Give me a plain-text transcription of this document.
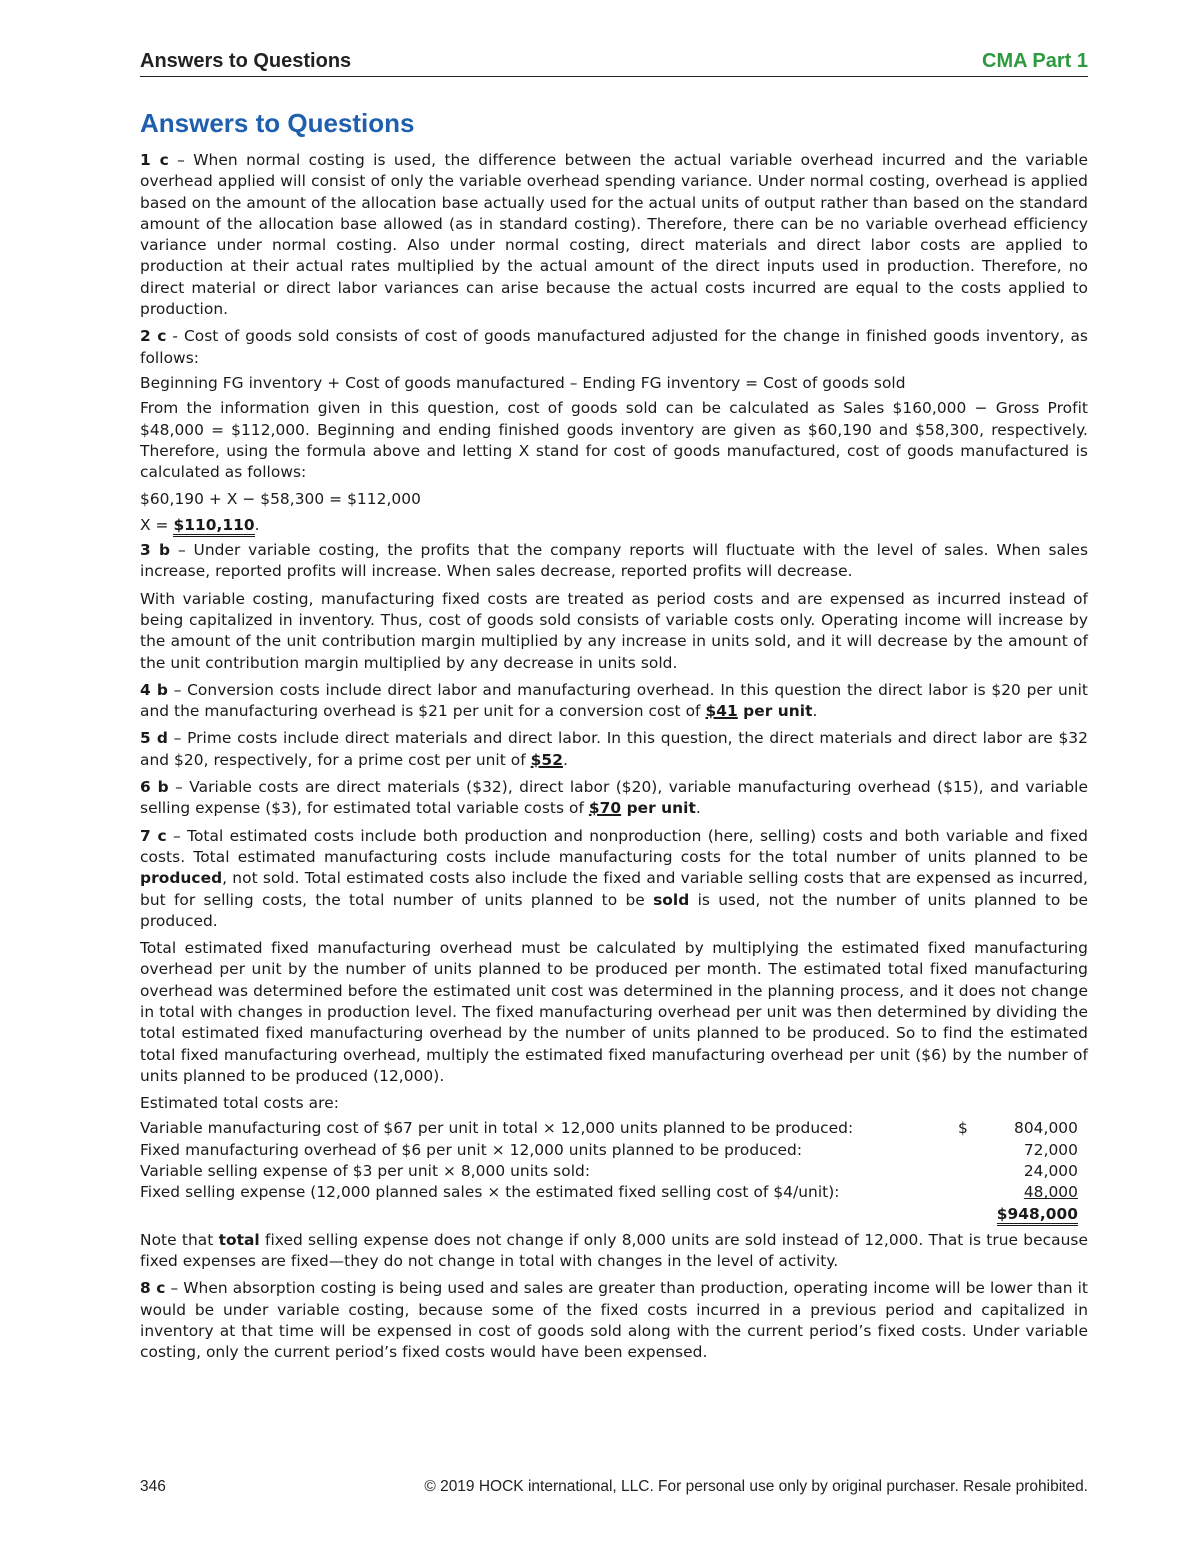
Answers to Questions	CMA Part 1
Answers to Questions

1 c – When normal costing is used, the difference between the actual variable overhead incurred and the variable overhead applied will consist of only the variable overhead spending variance. Under normal costing, overhead is applied based on the amount of the allocation base actually used for the actual units of output rather than based on the standard amount of the allocation base allowed (as in standard costing). Therefore, there can be no variable overhead efficiency variance under normal costing. Also under normal costing, direct materials and direct labor costs are applied to production at their actual rates multiplied by the actual amount of the direct inputs used in production. Therefore, no direct material or direct labor variances can arise because the actual costs incurred are equal to the costs applied to production.

2 c - Cost of goods sold consists of cost of goods manufactured adjusted for the change in finished goods inventory, as follows:

Beginning FG inventory + Cost of goods manufactured – Ending FG inventory = Cost of goods sold

From the information given in this question, cost of goods sold can be calculated as Sales $160,000 − Gross Profit $48,000 = $112,000. Beginning and ending finished goods inventory are given as $60,190 and $58,300, respectively. Therefore, using the formula above and letting X stand for cost of goods manufactured, cost of goods manufactured is calculated as follows:

$60,190 + X − $58,300 = $112,000

X = $110,110.

3 b – Under variable costing, the profits that the company reports will fluctuate with the level of sales. When sales increase, reported profits will increase. When sales decrease, reported profits will decrease.

With variable costing, manufacturing fixed costs are treated as period costs and are expensed as incurred instead of being capitalized in inventory. Thus, cost of goods sold consists of variable costs only. Operating income will increase by the amount of the unit contribution margin multiplied by any increase in units sold, and it will decrease by the amount of the unit contribution margin multiplied by any decrease in units sold.

4 b – Conversion costs include direct labor and manufacturing overhead. In this question the direct labor is $20 per unit and the manufacturing overhead is $21 per unit for a conversion cost of $41 per unit.

5 d – Prime costs include direct materials and direct labor. In this question, the direct materials and direct labor are $32 and $20, respectively, for a prime cost per unit of $52.

6 b – Variable costs are direct materials ($32), direct labor ($20), variable manufacturing overhead ($15), and variable selling expense ($3), for estimated total variable costs of $70 per unit.

7 c – Total estimated costs include both production and nonproduction (here, selling) costs and both variable and fixed costs. Total estimated manufacturing costs include manufacturing costs for the total number of units planned to be produced, not sold. Total estimated costs also include the fixed and variable selling costs that are expensed as incurred, but for selling costs, the total number of units planned to be sold is used, not the number of units planned to be produced.

Total estimated fixed manufacturing overhead must be calculated by multiplying the estimated fixed manufacturing overhead per unit by the number of units planned to be produced per month. The estimated total fixed manufacturing overhead was determined before the estimated unit cost was determined in the planning process, and it does not change in total with changes in production level. The fixed manufacturing overhead per unit was then determined by dividing the total estimated fixed manufacturing overhead by the number of units planned to be produced. So to find the estimated total fixed manufacturing overhead, multiply the estimated fixed manufacturing overhead per unit ($6) by the number of units planned to be produced (12,000).

Estimated total costs are:

Variable manufacturing cost of $67 per unit in total × 12,000 units planned to be produced:	$	804,000
Fixed manufacturing overhead of $6 per unit × 12,000 units planned to be produced:		72,000
Variable selling expense of $3 per unit × 8,000 units sold:		24,000
Fixed selling expense (12,000 planned sales × the estimated fixed selling cost of $4/unit):		48,000
	$948,000	

Note that total fixed selling expense does not change if only 8,000 units are sold instead of 12,000. That is true because fixed expenses are fixed—they do not change in total with changes in the level of activity.

8 c – When absorption costing is being used and sales are greater than production, operating income will be lower than it would be under variable costing, because some of the fixed costs incurred in a previous period and capitalized in inventory at that time will be expensed in cost of goods sold along with the current period’s fixed costs. Under variable costing, only the current period’s fixed costs would have been expensed.

346	© 2019 HOCK international, LLC. For personal use only by original purchaser. Resale prohibited.
